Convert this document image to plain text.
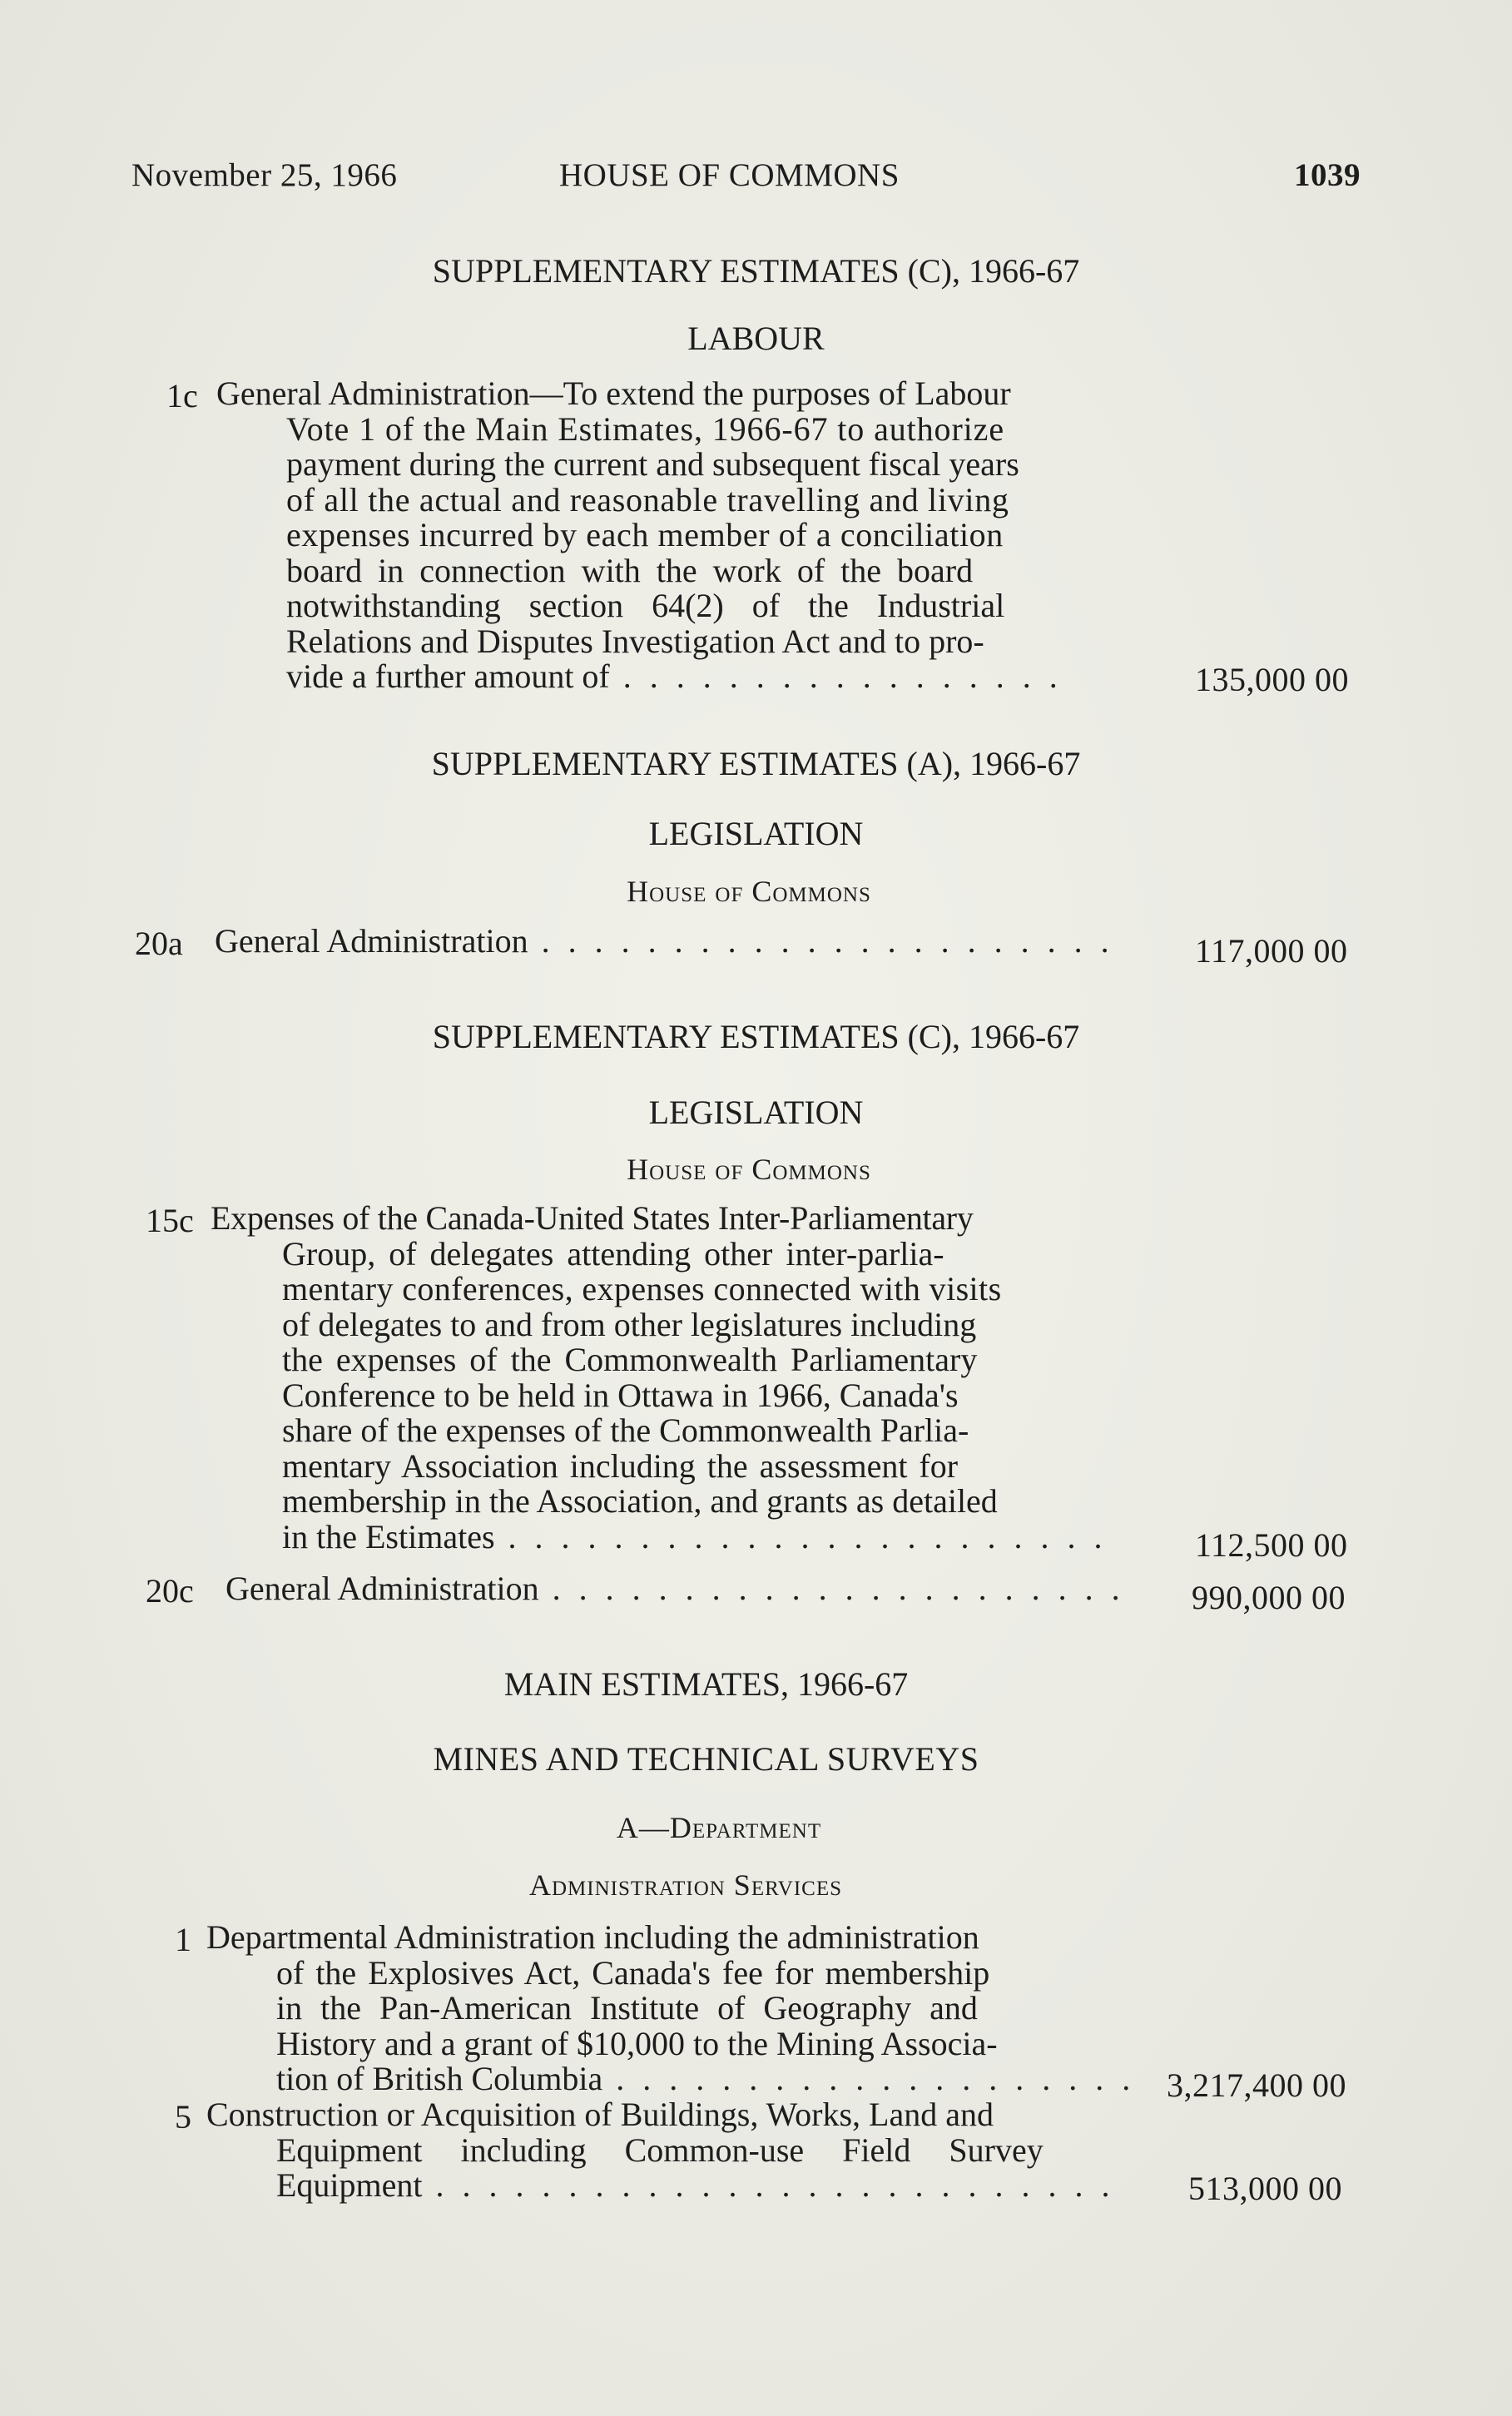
November 25, 1966	HOUSE OF COMMONS	1039
SUPPLEMENTARY ESTIMATES (C), 1966-67
LABOUR
1c General Administration—To extend the purposes of Labour
Vote 1 of the Main Estimates, 1966-67 to authorize
payment during the current and subsequent fiscal years
of all the actual and reasonable travelling and living
expenses incurred by each member of a conciliation
board in connection with the work of the board
notwithstanding section 64(2) of the Industrial
Relations and Disputes Investigation Act and to pro-
vide a further amount of . . . . . . . . . . . . . . . . .	135,000 00
SUPPLEMENTARY ESTIMATES (A), 1966-67
LEGISLATION
House of Commons
20a General Administration . . . . . . . . . . . . . . . . . . . . . .	117,000 00
SUPPLEMENTARY ESTIMATES (C), 1966-67
LEGISLATION
House of Commons
15c Expenses of the Canada-United States Inter-Parliamentary
Group, of delegates attending other inter-parlia-
mentary conferences, expenses connected with visits
of delegates to and from other legislatures including
the expenses of the Commonwealth Parliamentary
Conference to be held in Ottawa in 1966, Canada's
share of the expenses of the Commonwealth Parlia-
mentary Association including the assessment for
membership in the Association, and grants as detailed
in the Estimates . . . . . . . . . . . . . . . . . . . . . . .	112,500 00
20c General Administration . . . . . . . . . . . . . . . . . . . . . . 990,000 00
MAIN ESTIMATES, 1966-67
MINES AND TECHNICAL SURVEYS
A—Department
Administration Services
1 Departmental Administration including the administration
of the Explosives Act, Canada's fee for membership
in the Pan-American Institute of Geography and
History and a grant of $10,000 to the Mining Associa-
tion of British Columbia . . . . . . . . . . . . . . . . . . . . 3,217,400 00
5 Construction or Acquisition of Buildings, Works, Land and
Equipment including Common-use Field Survey
Equipment . . . . . . . . . . . . . . . . . . . . . . . . . . 513,000 00
